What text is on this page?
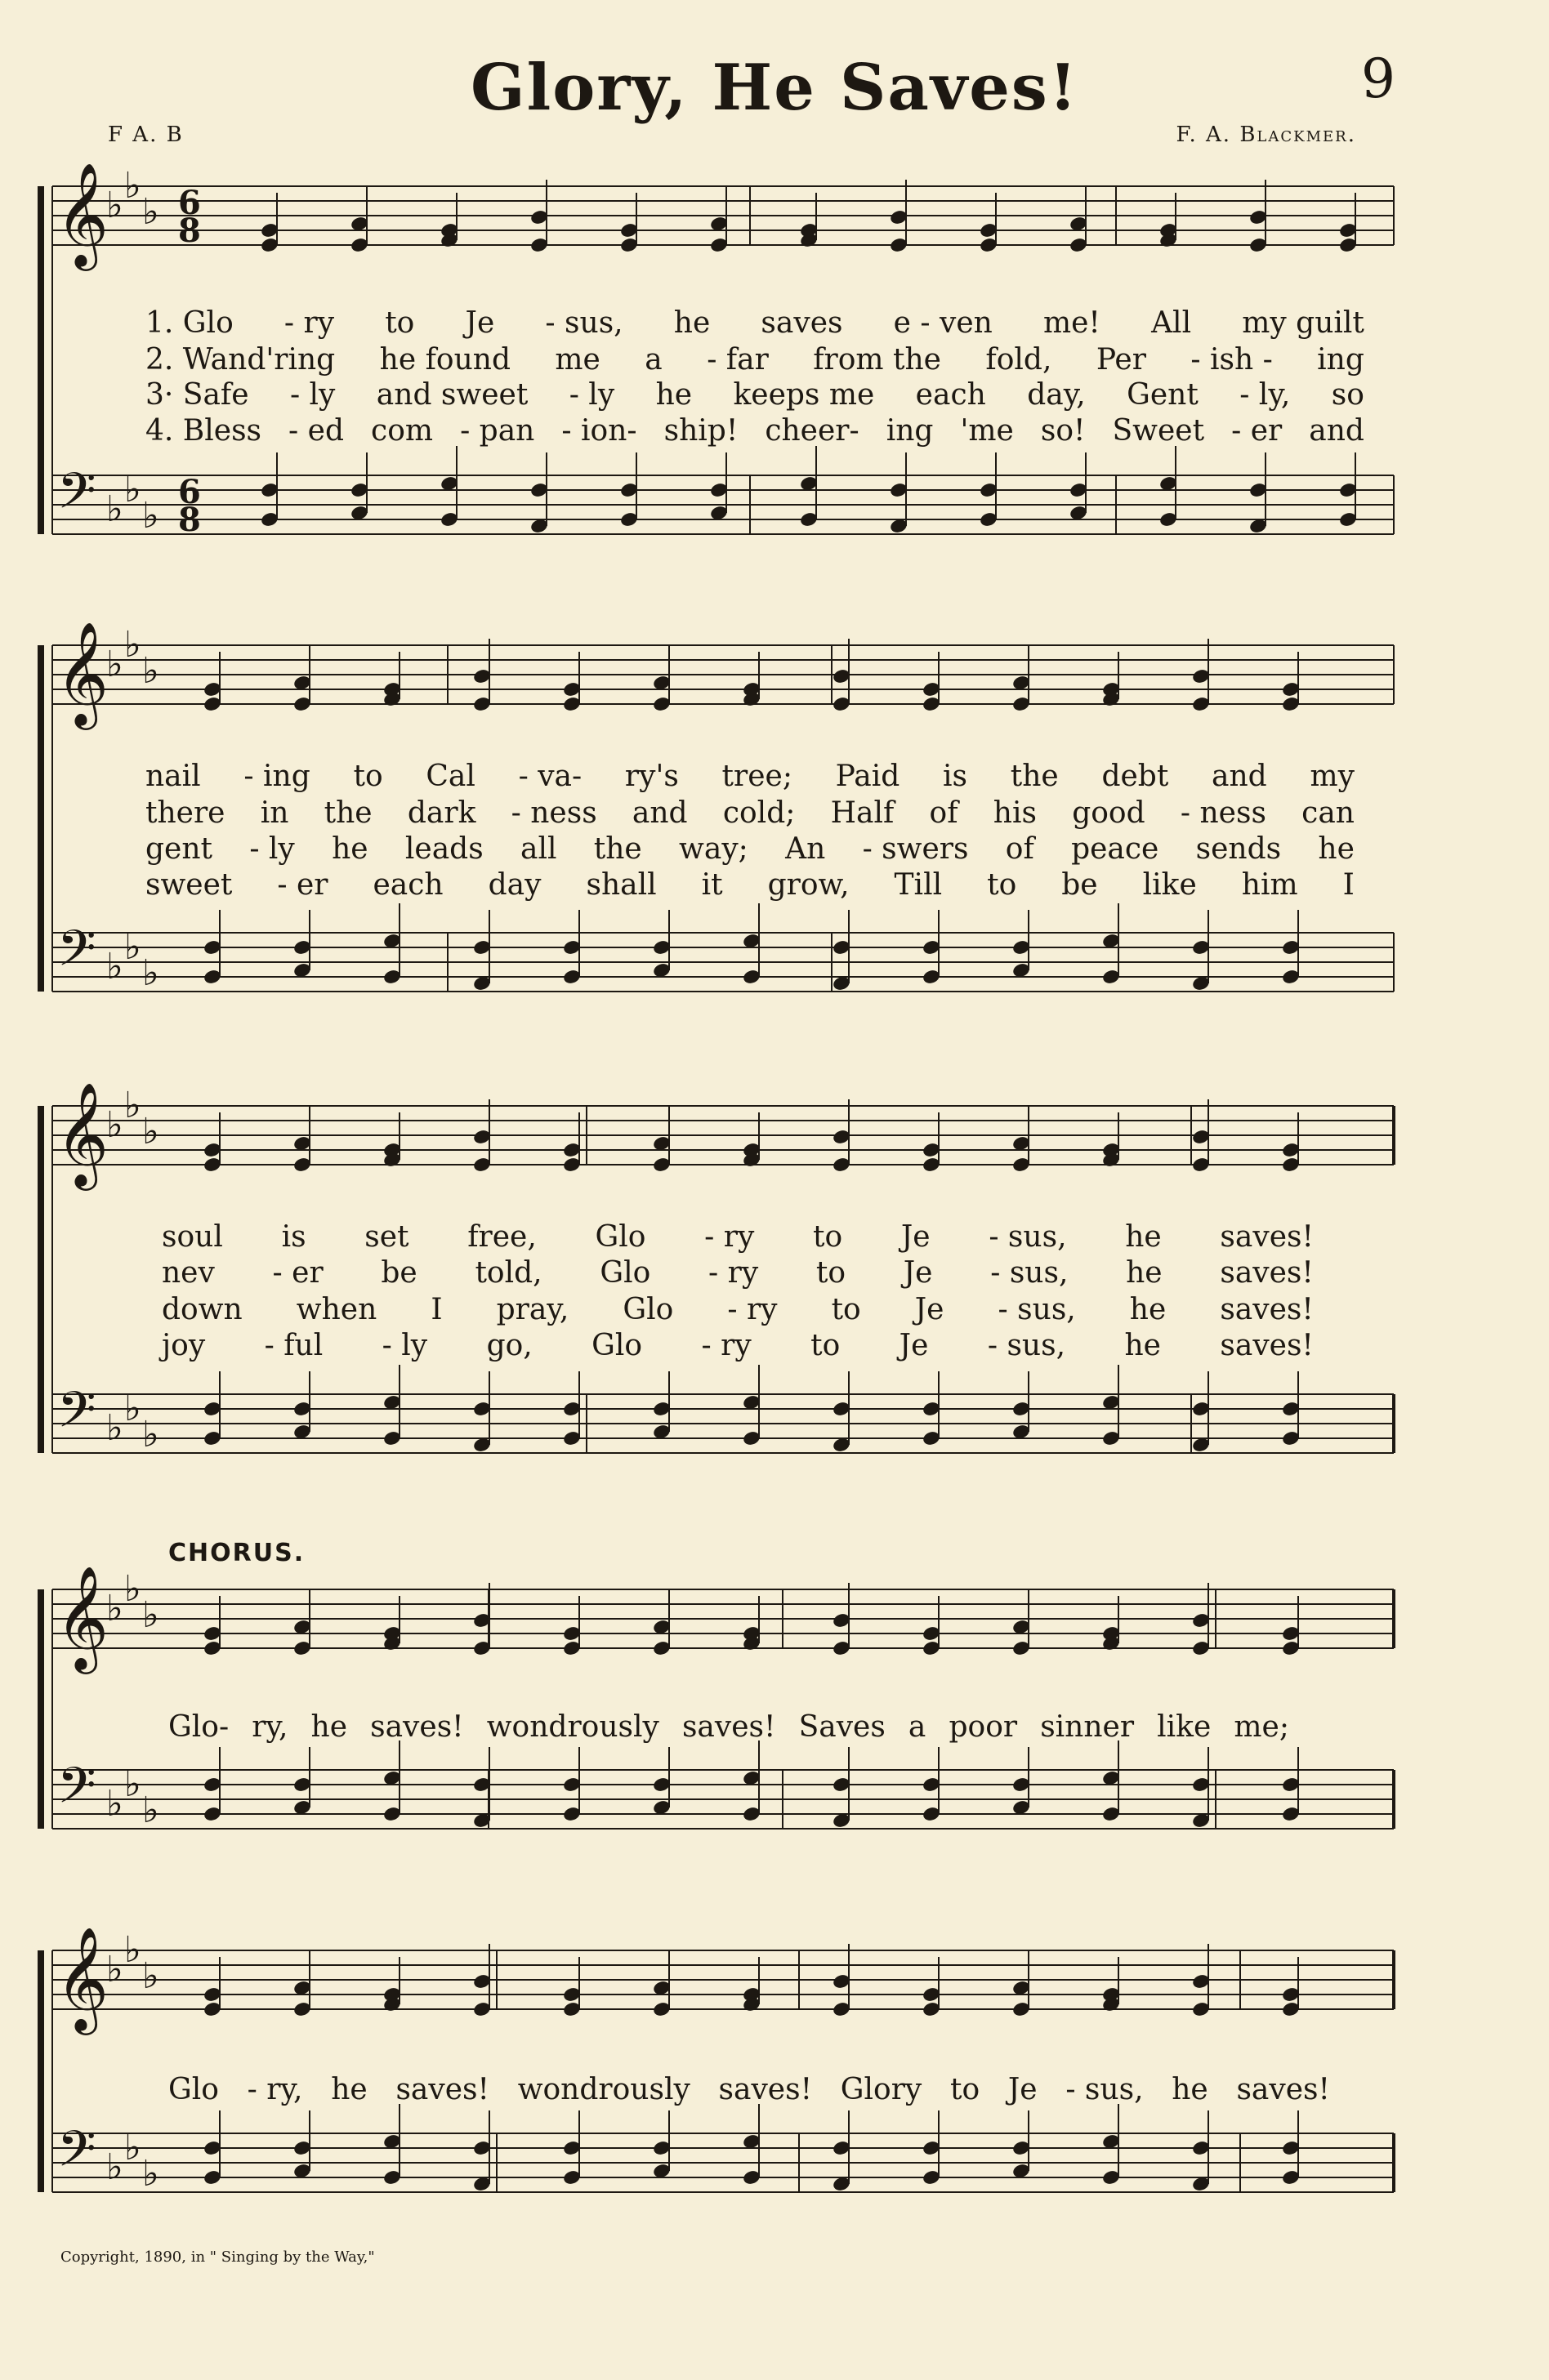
Glory, He Saves!	9
F A. B	F. A. Blackmer.
𝄞
𝄢
♭ ♭
♭
♭ ♭
♭
𝄞
𝄢
♭ ♭
♭
♭ ♭
♭
𝄞
𝄢
♭ ♭
♭
♭ ♭
♭
𝄞
𝄢
♭ ♭
♭
♭ ♭
♭
𝄞
𝄢
♭ ♭
♭
♭ ♭
♭
6
6
8
8
1. Glo - ry to Je - sus, he saves e - ven me! All my guilt
2. Wand'ring he found me a - far from the fold, Per - ish - ing
3· Safe - ly and sweet - ly he keeps me each day, Gent - ly, so
4. Bless - ed com - pan - ion- ship! cheer- ing 'me so! Sweet - er and
nail - ing to Cal - va- ry's tree; Paid is the debt and my
there in the dark - ness and cold; Half of his good - ness can
gent - ly he leads all the way; An - swers of peace sends he
sweet - er each day shall it grow, Till to be like him I
soul is set free, Glo - ry to Je - sus, he saves!
nev - er be told, Glo - ry to Je - sus, he saves!
down when I pray, Glo - ry to Je - sus, he saves!
joy - ful - ly go, Glo - ry to Je - sus, he saves!
Glo- ry, he saves! wondrously saves! Saves a poor sinner like me;
Glo - ry, he saves! wondrously saves! Glory to Je - sus, he saves!
CHORUS.
Copyright, 1890, in " Singing by the Way,"
